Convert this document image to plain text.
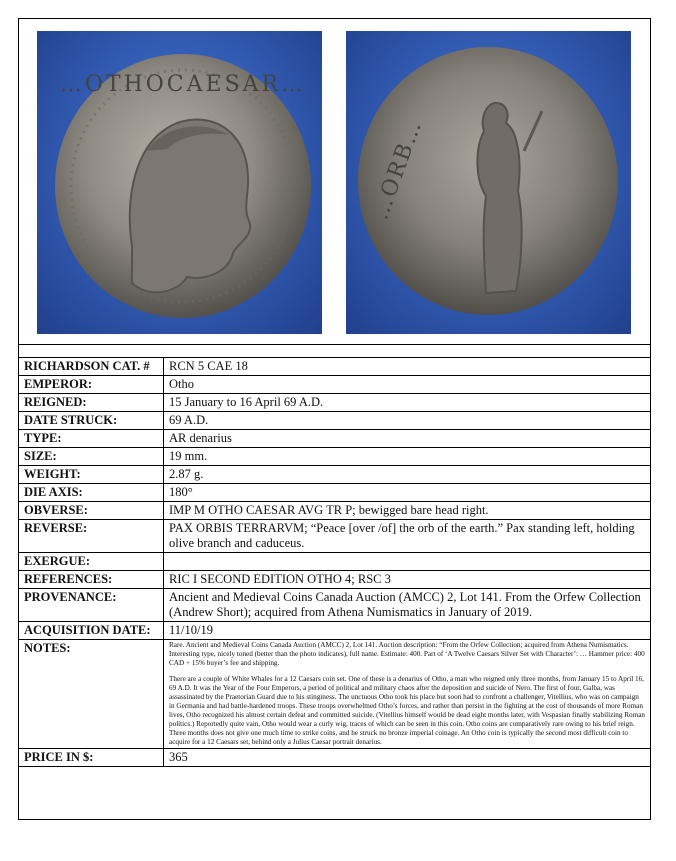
…OTHOCAESAR…
…ORB…
RICHARDSON CAT. #	RCN 5 CAE 18
EMPEROR:	Otho
REIGNED:	15 January to 16 April 69 A.D.
DATE STRUCK:	69 A.D.
TYPE:	AR denarius
SIZE:	19 mm.
WEIGHT:	2.87 g.
DIE AXIS:	180°
OBVERSE:	IMP M OTHO CAESAR AVG TR P; bewigged bare head right.
REVERSE:	PAX ORBIS TERRARVM; “Peace [over /of] the orb of the earth.” Pax standing left, holding olive branch and caduceus.
EXERGUE:	
REFERENCES:	RIC I SECOND EDITION OTHO 4; RSC 3
PROVENANCE:	Ancient and Medieval Coins Canada Auction (AMCC) 2, Lot 141. From the Orfew Collection (Andrew Short); acquired from Athena Numismatics in January of 2019.
ACQUISITION DATE:	11/10/19
NOTES:	Rare. Ancient and Medieval Coins Canada Auction (AMCC) 2, Lot 141. Auction description: “From the Orfew Collection; acquired from Athena Numismatics. Interesting type, nicely toned (better than the photo indicates), full name. Estimate: 400. Part of ‘A Twelve Caesars Silver Set with Character’: … Hammer price: 400 CAD + 15% buyer’s fee and shipping.

There are a couple of White Whales for a 12 Caesars coin set. One of these is a denarius of Otho, a man who reigned only three months, from January 15 to April 16, 69 A.D. It was the Year of the Four Emperors, a period of political and military chaos after the deposition and suicide of Nero. The first of four, Galba, was assassinated by the Praetorian Guard due to his stinginess. The unctuous Otho took his place but soon had to confront a challenger, Vitellius, who was on campaign in Germania and had battle-hardened troops. These troops overwhelmed Otho’s forces, and rather than persist in the fighting at the cost of thousands of more Roman lives, Otho recognized his almost certain defeat and committed suicide. (Vitellius himself would be dead eight months later, with Vespasian finally stabilizing Roman politics.) Reportedly quite vain, Otho would wear a curly wig, traces of which can be seen in this coin. Otho coins are comparatively rare owing to his brief reign. Three months does not give one much time to strike coins, and he struck no bronze imperial coinage. An Otho coin is typically the second most difficult coin to acquire for a 12 Caesars set, behind only a Julius Caesar portrait denarius.

PRICE IN $:	365
